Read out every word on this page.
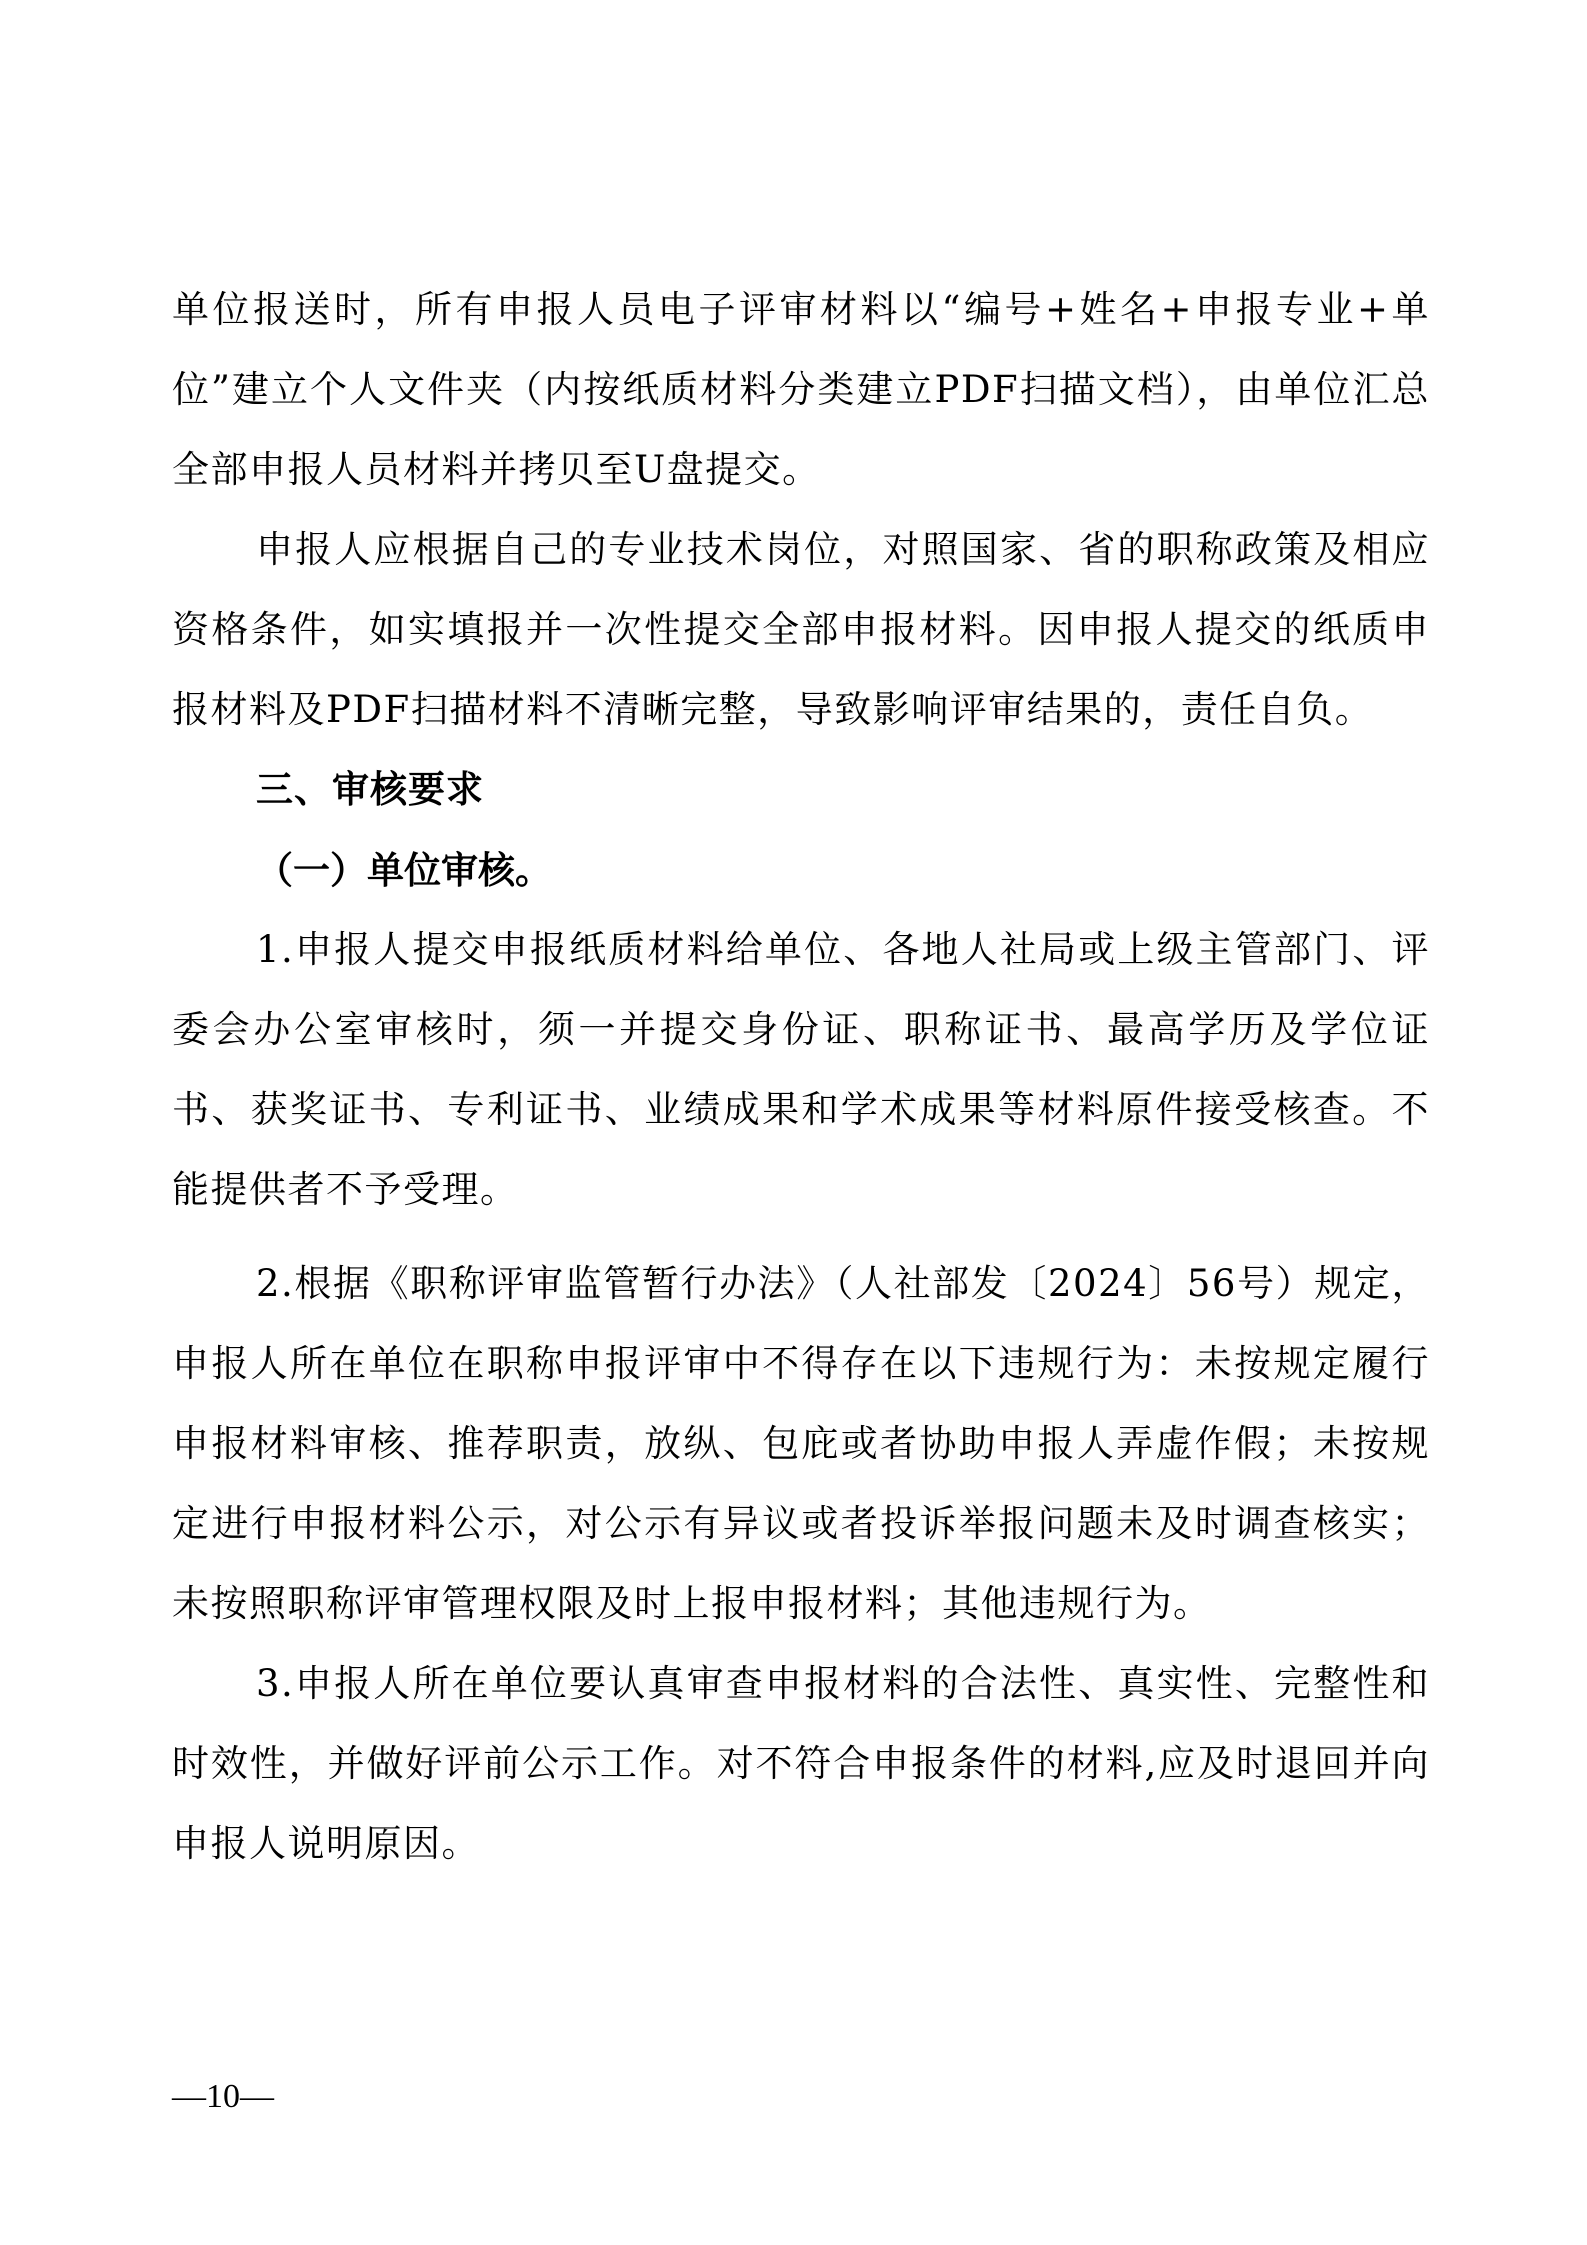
单位报送时，所有申报人员电子评审材料以“编号+姓名+申报专业+单位”建立个人文件夹（内按纸质材料分类建立PDF扫描文档），由单位汇总全部申报人员材料并拷贝至U盘提交。

申报人应根据自己的专业技术岗位，对照国家、省的职称政策及相应资格条件，如实填报并一次性提交全部申报材料。因申报人提交的纸质申报材料及PDF扫描材料不清晰完整，导致影响评审结果的，责任自负。

三、审核要求

（一）单位审核。

1.申报人提交申报纸质材料给单位、各地人社局或上级主管部门、评委会办公室审核时，须一并提交身份证、职称证书、最高学历及学位证书、获奖证书、专利证书、业绩成果和学术成果等材料原件接受核查。不能提供者不予受理。

2.根据《职称评审监管暂行办法》（人社部发〔2024〕56号）规定，申报人所在单位在职称申报评审中不得存在以下违规行为：未按规定履行申报材料审核、推荐职责，放纵、包庇或者协助申报人弄虚作假；未按规定进行申报材料公示，对公示有异议或者投诉举报问题未及时调查核实；未按照职称评审管理权限及时上报申报材料；其他违规行为。

3.申报人所在单位要认真审查申报材料的合法性、真实性、完整性和时效性，并做好评前公示工作。对不符合申报条件的材料,应及时退回并向申报人说明原因。

—10—
